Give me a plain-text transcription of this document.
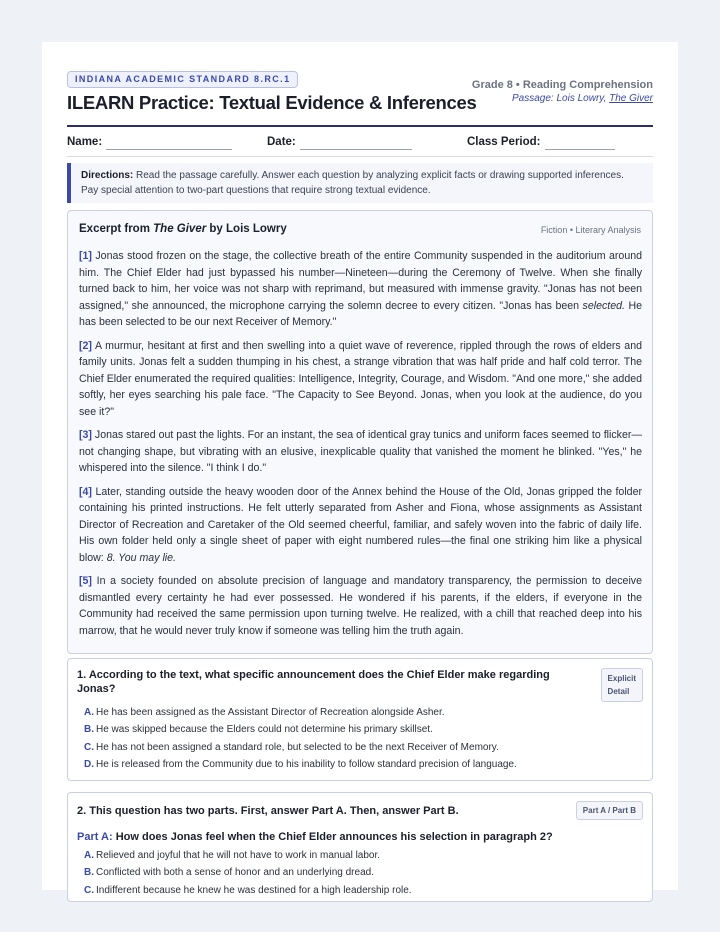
INDIANA ACADEMIC STANDARD 8.RC.1
ILEARN Practice: Textual Evidence & Inferences
Grade 8 • Reading Comprehension
Passage: Lois Lowry, The Giver
Name:	Date:	Class Period:
Directions: Read the passage carefully. Answer each question by analyzing explicit facts or drawing supported inferences. Pay special attention to two-part questions that require strong textual evidence.
Excerpt from The Giver by Lois Lowry	Fiction • Literary Analysis

[1] Jonas stood frozen on the stage, the collective breath of the entire Community suspended in the auditorium around him. The Chief Elder had just bypassed his number—Nineteen—during the Ceremony of Twelve. When she finally turned back to him, her voice was not sharp with reprimand, but measured with immense gravity. "Jonas has not been assigned," she announced, the microphone carrying the solemn decree to every citizen. "Jonas has been selected. He has been selected to be our next Receiver of Memory."

[2] A murmur, hesitant at first and then swelling into a quiet wave of reverence, rippled through the rows of elders and family units. Jonas felt a sudden thumping in his chest, a strange vibration that was half pride and half cold terror. The Chief Elder enumerated the required qualities: Intelligence, Integrity, Courage, and Wisdom. "And one more," she added softly, her eyes searching his pale face. "The Capacity to See Beyond. Jonas, when you look at the audience, do you see it?"

[3] Jonas stared out past the lights. For an instant, the sea of identical gray tunics and uniform faces seemed to flicker—not changing shape, but vibrating with an elusive, inexplicable quality that vanished the moment he blinked. "Yes," he whispered into the silence. "I think I do."

[4] Later, standing outside the heavy wooden door of the Annex behind the House of the Old, Jonas gripped the folder containing his printed instructions. He felt utterly separated from Asher and Fiona, whose assignments as Assistant Director of Recreation and Caretaker of the Old seemed cheerful, familiar, and safely woven into the fabric of daily life. His own folder held only a single sheet of paper with eight numbered rules—the final one striking him like a physical blow: 8. You may lie.

[5] In a society founded on absolute precision of language and mandatory transparency, the permission to deceive dismantled every certainty he had ever possessed. He wondered if his parents, if the elders, if everyone in the Community had received the same permission upon turning twelve. He realized, with a chill that reached deep into his marrow, that he would never truly know if someone was telling him the truth again.

1. According to the text, what specific announcement does the Chief Elder make regarding Jonas?
Explicit
Detail
A. He has been assigned as the Assistant Director of Recreation alongside Asher.
B. He was skipped because the Elders could not determine his primary skillset.
C. He has not been assigned a standard role, but selected to be the next Receiver of Memory.
D. He is released from the Community due to his inability to follow standard precision of language.
2. This question has two parts. First, answer Part A. Then, answer Part B.	Part A / Part B
Part A: How does Jonas feel when the Chief Elder announces his selection in paragraph 2?
A. Relieved and joyful that he will not have to work in manual labor.
B. Conflicted with both a sense of honor and an underlying dread.
C. Indifferent because he knew he was destined for a high leadership role.
